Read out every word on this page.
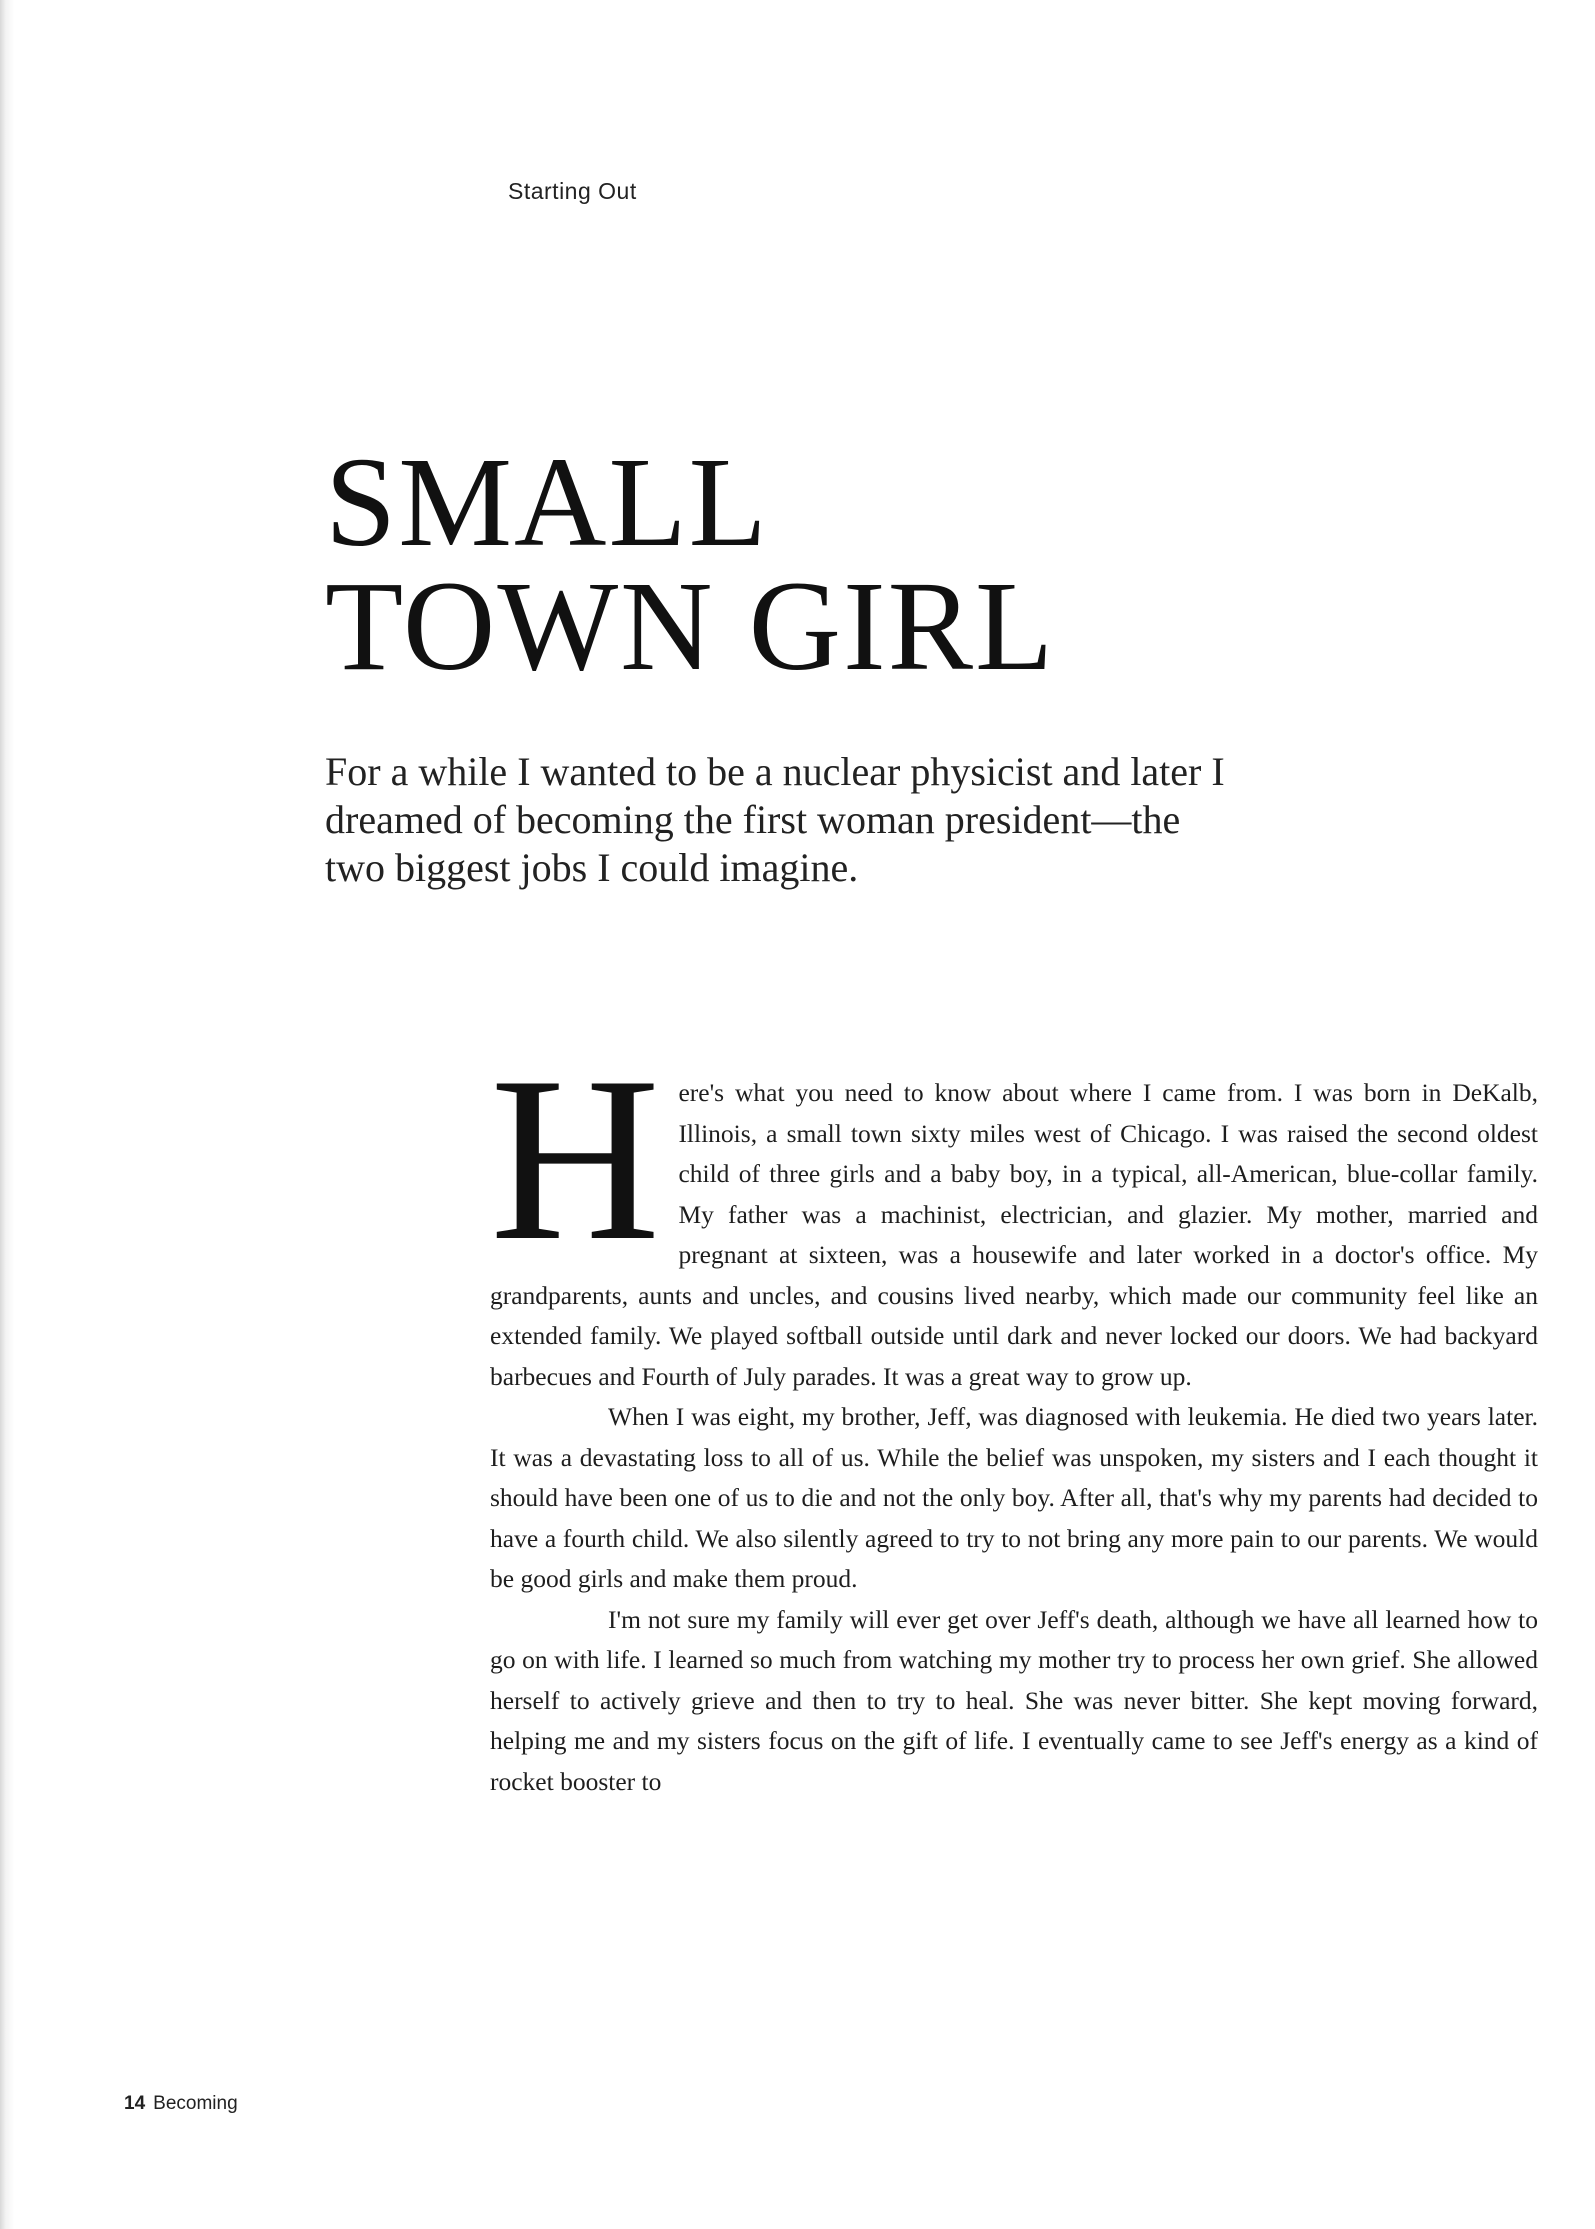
Starting Out
SMALL
TOWN GIRL

For a while I wanted to be a nuclear physicist and later I dreamed of becoming the first woman president—the two biggest jobs I could imagine.

Here's what you need to know about where I came from. I was born in DeKalb, Illinois, a small town sixty miles west of Chicago. I was raised the second oldest child of three girls and a baby boy, in a typical, all-American, blue-collar family. My father was a machinist, electrician, and glazier. My mother, married and pregnant at sixteen, was a housewife and later worked in a doctor's office. My grandparents, aunts and uncles, and cousins lived nearby, which made our community feel like an extended family. We played softball outside until dark and never locked our doors. We had backyard barbecues and Fourth of July parades. It was a great way to grow up.

When I was eight, my brother, Jeff, was diagnosed with leukemia. He died two years later. It was a devastating loss to all of us. While the belief was unspoken, my sisters and I each thought it should have been one of us to die and not the only boy. After all, that's why my parents had decided to have a fourth child. We also silently agreed to try to not bring any more pain to our parents. We would be good girls and make them proud.

I'm not sure my family will ever get over Jeff's death, although we have all learned how to go on with life. I learned so much from watching my mother try to process her own grief. She allowed herself to actively grieve and then to try to heal. She was never bitter. She kept moving forward, helping me and my sisters focus on the gift of life. I eventually came to see Jeff's energy as a kind of rocket booster to

14 Becoming
